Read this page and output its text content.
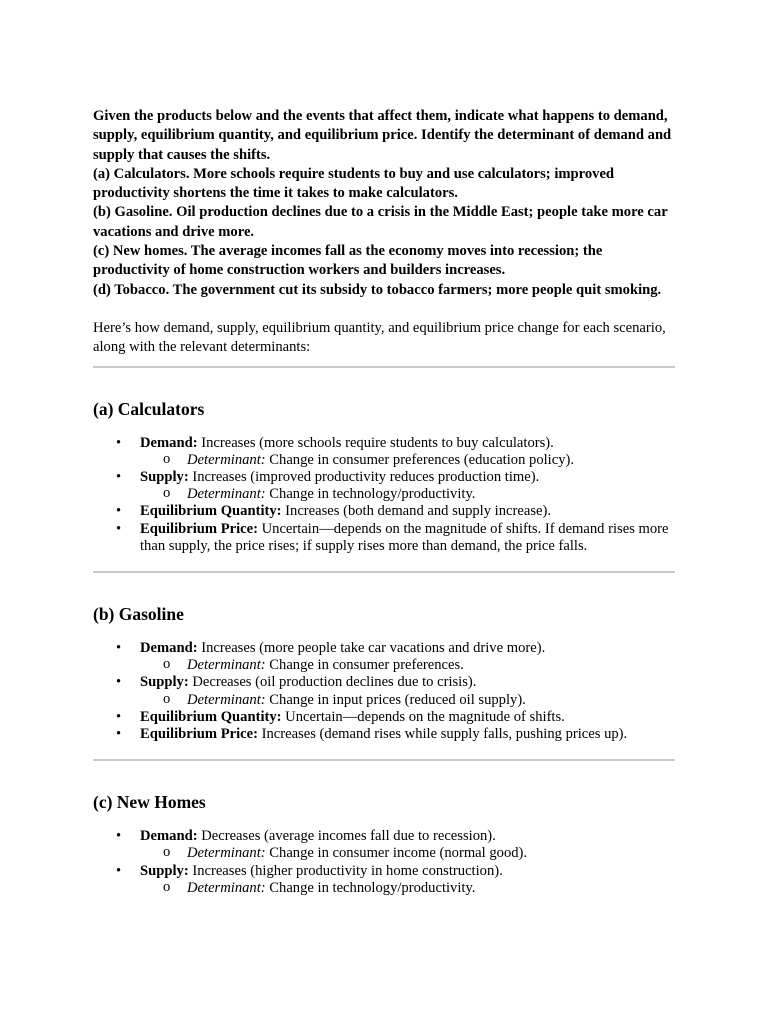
Given the products below and the events that affect them, indicate what happens to demand, supply, equilibrium quantity, and equilibrium price. Identify the determinant of demand and supply that causes the shifts.

(a) Calculators. More schools require students to buy and use calculators; improved productivity shortens the time it takes to make calculators.

(b) Gasoline. Oil production declines due to a crisis in the Middle East; people take more car vacations and drive more.

(c) New homes. The average incomes fall as the economy moves into recession; the productivity of home construction workers and builders increases.

(d) Tobacco. The government cut its subsidy to tobacco farmers; more people quit smoking.

Here’s how demand, supply, equilibrium quantity, and equilibrium price change for each scenario, along with the relevant determinants:

(a) Calculators
• Demand: Increases (more schools require students to buy calculators).
o Determinant: Change in consumer preferences (education policy).
• Supply: Increases (improved productivity reduces production time).
o Determinant: Change in technology/productivity.
• Equilibrium Quantity: Increases (both demand and supply increase).
• Equilibrium Price: Uncertain—depends on the magnitude of shifts. If demand rises more than supply, the price rises; if supply rises more than demand, the price falls.
(b) Gasoline
• Demand: Increases (more people take car vacations and drive more).
o Determinant: Change in consumer preferences.
• Supply: Decreases (oil production declines due to crisis).
o Determinant: Change in input prices (reduced oil supply).
• Equilibrium Quantity: Uncertain—depends on the magnitude of shifts.
• Equilibrium Price: Increases (demand rises while supply falls, pushing prices up).
(c) New Homes
• Demand: Decreases (average incomes fall due to recession).
o Determinant: Change in consumer income (normal good).
• Supply: Increases (higher productivity in home construction).
o Determinant: Change in technology/productivity.
